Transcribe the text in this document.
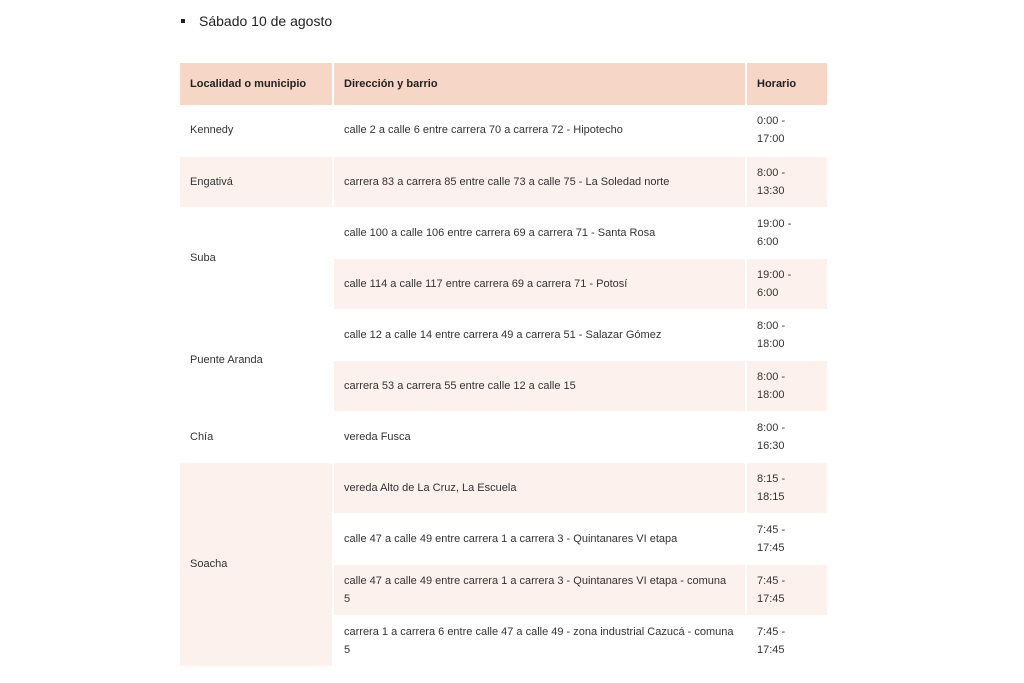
Sábado 10 de agosto
Localidad o municipio	Dirección y barrio	Horario
Kennedy	calle 2 a calle 6 entre carrera 70 a carrera 72 - Hipotecho	0:00 -
17:00
Engativá	carrera 83 a carrera 85 entre calle 73 a calle 75 - La Soledad norte	8:00 -
13:30
Suba	calle 100 a calle 106 entre carrera 69 a carrera 71 - Santa Rosa	19:00 -
6:00
	calle 114 a calle 117 entre carrera 69 a carrera 71 - Potosí	19:00 -
6:00
Puente Aranda	calle 12 a calle 14 entre carrera 49 a carrera 51 - Salazar Gómez	8:00 -
18:00
	carrera 53 a carrera 55 entre calle 12 a calle 15	8:00 -
18:00
Chía	vereda Fusca	8:00 -
16:30
Soacha	vereda Alto de La Cruz, La Escuela	8:15 -
18:15
	calle 47 a calle 49 entre carrera 1 a carrera 3 - Quintanares VI etapa	7:45 -
17:45
	calle 47 a calle 49 entre carrera 1 a carrera 3 - Quintanares VI etapa - comuna 5	7:45 -
17:45
	carrera 1 a carrera 6 entre calle 47 a calle 49 - zona industrial Cazucá - comuna 5	7:45 -
17:45
